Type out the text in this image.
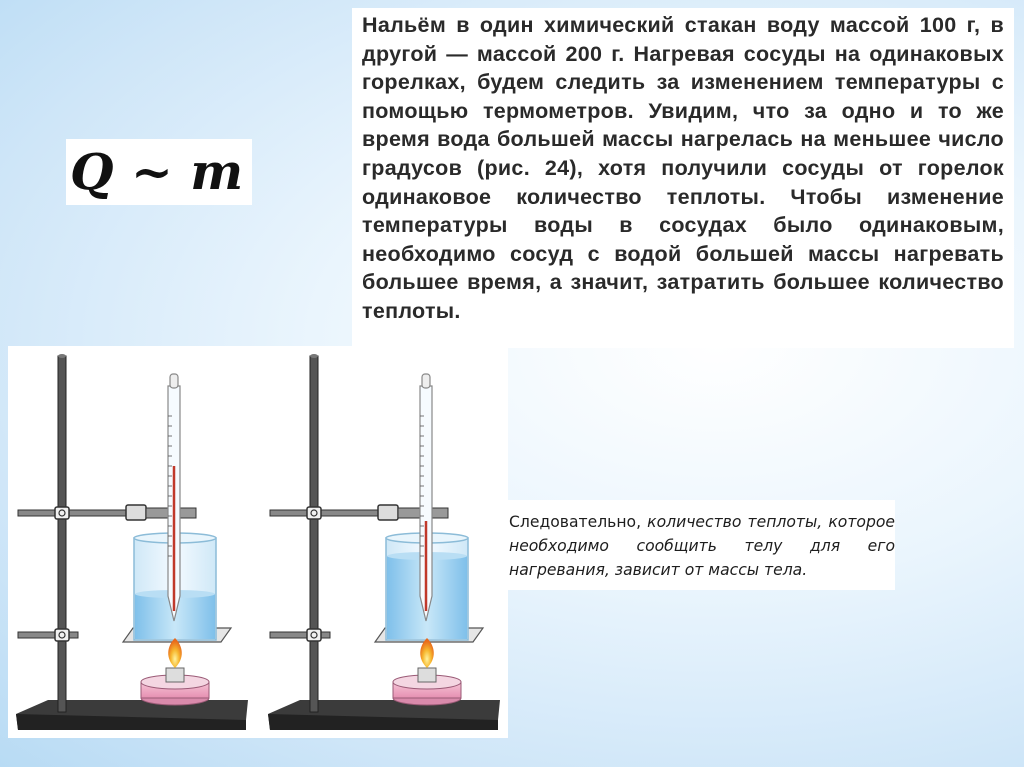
Q ~ m

Нальём в один химический стакан воду массой 100 г, в другой — массой 200 г. Нагревая сосуды на одинаковых горелках, будем следить за изменением температуры с помощью термометров. Увидим, что за одно и то же время вода большей массы нагрелась на меньшее число градусов (рис. 24), хотя получили сосуды от горелок одинаковое количество теплоты. Чтобы изменение температуры воды в сосудах было одинаковым, необходимо сосуд с водой большей массы нагревать большее время, а значит, затратить большее количество теплоты.

Следовательно, количество теплоты, которое необходимо сообщить телу для его нагревания, зависит от массы тела.
